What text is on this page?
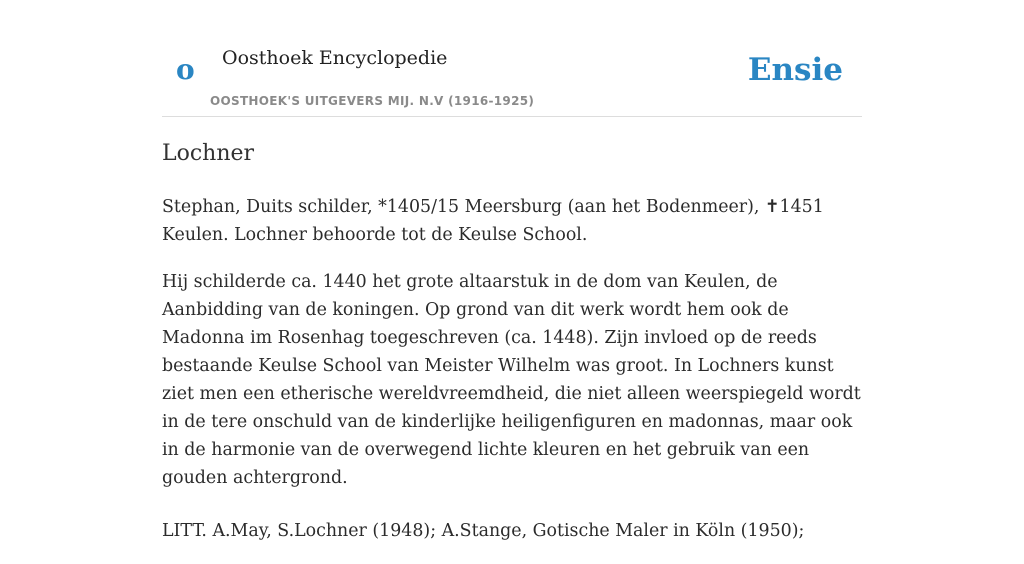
o Oosthoek Encyclopedie
OOSTHOEK'S UITGEVERS MIJ. N.V (1916-1925)
Ensie
Lochner

Stephan, Duits schilder, *1405/15 Meersburg (aan het Bodenmeer), ✝1451 Keulen. Lochner behoorde tot de Keulse School.

Hij schilderde ca. 1440 het grote altaarstuk in de dom van Keulen, de Aanbidding van de koningen. Op grond van dit werk wordt hem ook de Madonna im Rosenhag toegeschreven (ca. 1448). Zijn invloed op de reeds bestaande Keulse School van Meister Wilhelm was groot. In Lochners kunst ziet men een etherische wereldvreemdheid, die niet alleen weerspiegeld wordt in de tere onschuld van de kinderlijke heiligenfiguren en madonnas, maar ook in de harmonie van de overwegend lichte kleuren en het gebruik van een gouden achtergrond.

LITT. A.May, S.Lochner (1948); A.Stange, Gotische Maler in Köln (1950);
